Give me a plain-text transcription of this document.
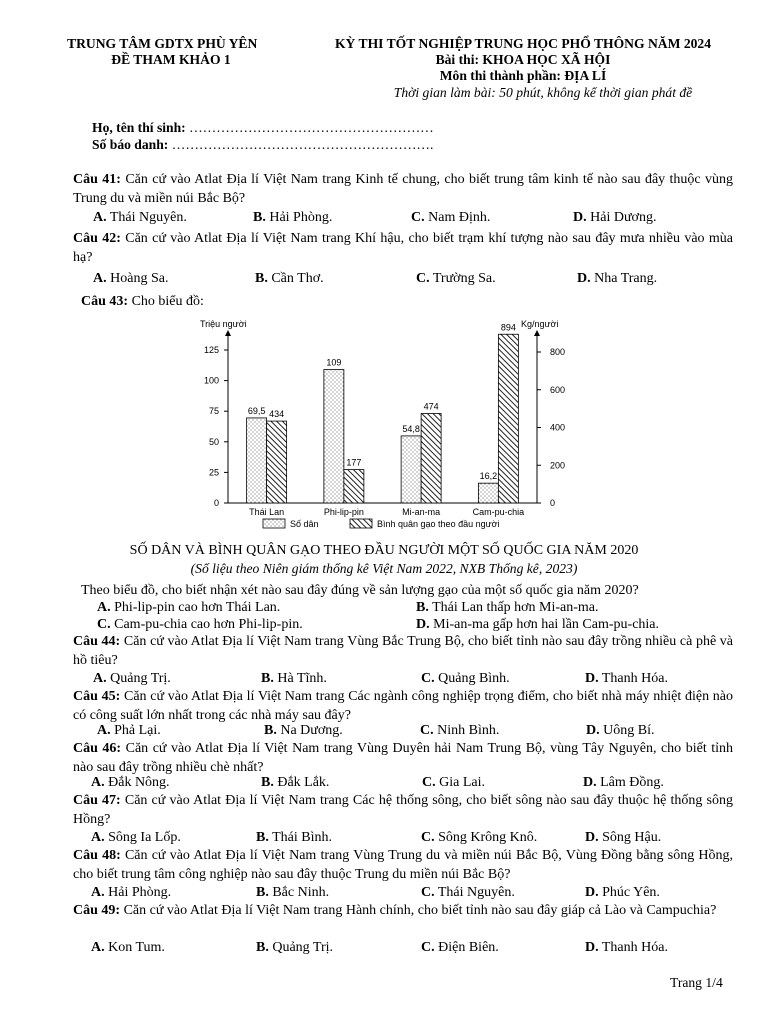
TRUNG TÂM GDTX PHÙ YÊN
ĐỀ THAM KHẢO 1
KỲ THI TỐT NGHIỆP TRUNG HỌC PHỔ THÔNG NĂM 2024
Bài thi: KHOA HỌC XÃ HỘI
Môn thi thành phần: ĐỊA LÍ
Thời gian làm bài: 50 phút, không kể thời gian phát đề
Họ, tên thí sinh: ………………………………………………
Số báo danh: ………………………………………………….
Câu 41: Căn cứ vào Atlat Địa lí Việt Nam trang Kinh tế chung, cho biết trung tâm kinh tế nào sau đây thuộc vùng Trung du và miền núi Bắc Bộ?
A. Thái Nguyên.	B. Hải Phòng.	C. Nam Định.	D. Hải Dương.
Câu 42: Căn cứ vào Atlat Địa lí Việt Nam trang Khí hậu, cho biết trạm khí tượng nào sau đây mưa nhiều vào mùa hạ?
A. Hoàng Sa.	B. Cần Thơ.	C. Trường Sa.	D. Nha Trang.
Câu 43: Cho biểu đồ:
Triệu người	Kg/người
0
25
50
75
100
125
0
200
400
600
800
69,5 434
Thái Lan
109
177
Phi-lip-pin
54,8
474
Mi-an-ma
16,2
894
Cam-pu-chia
Số dân	Bình quân gạo theo đầu người
SỐ DÂN VÀ BÌNH QUÂN GẠO THEO ĐẦU NGƯỜI MỘT SỐ QUỐC GIA NĂM 2020
(Số liệu theo Niên giám thống kê Việt Nam 2022, NXB Thống kê, 2023)
Theo biểu đồ, cho biết nhận xét nào sau đây đúng về sản lượng gạo của một số quốc gia năm 2020?
A. Phi-lip-pin cao hơn Thái Lan.	B. Thái Lan thấp hơn Mi-an-ma.
C. Cam-pu-chia cao hơn Phi-lip-pin.	D. Mi-an-ma gấp hơn hai lần Cam-pu-chia.
Câu 44: Căn cứ vào Atlat Địa lí Việt Nam trang Vùng Bắc Trung Bộ, cho biết tỉnh nào sau đây trồng nhiều cà phê và hồ tiêu?
A. Quảng Trị.	B. Hà Tĩnh.	C. Quảng Bình.	D. Thanh Hóa.
Câu 45: Căn cứ vào Atlat Địa lí Việt Nam trang Các ngành công nghiệp trọng điểm, cho biết nhà máy nhiệt điện nào có công suất lớn nhất trong các nhà máy sau đây?
A. Phả Lại.	B. Na Dương.	C. Ninh Bình.	D. Uông Bí.
Câu 46: Căn cứ vào Atlat Địa lí Việt Nam trang Vùng Duyên hải Nam Trung Bộ, vùng Tây Nguyên, cho biết tỉnh nào sau đây trồng nhiều chè nhất?
A. Đắk Nông.	B. Đắk Lắk.	C. Gia Lai.	D. Lâm Đồng.
Câu 47: Căn cứ vào Atlat Địa lí Việt Nam trang Các hệ thống sông, cho biết sông nào sau đây thuộc hệ thống sông Hồng?
A. Sông Ia Lốp.	B. Thái Bình.	C. Sông Krông Knô.	D. Sông Hậu.
Câu 48: Căn cứ vào Atlat Địa lí Việt Nam trang Vùng Trung du và miền núi Bắc Bộ, Vùng Đồng bằng sông Hồng, cho biết trung tâm công nghiệp nào sau đây thuộc Trung du miền núi Bắc Bộ?
A. Hải Phòng.	B. Bắc Ninh.	C. Thái Nguyên.	D. Phúc Yên.
Câu 49: Căn cứ vào Atlat Địa lí Việt Nam trang Hành chính, cho biết tỉnh nào sau đây giáp cả Lào và Campuchia?
A. Kon Tum.	B. Quảng Trị.	C. Điện Biên.	D. Thanh Hóa.
Trang 1/4
